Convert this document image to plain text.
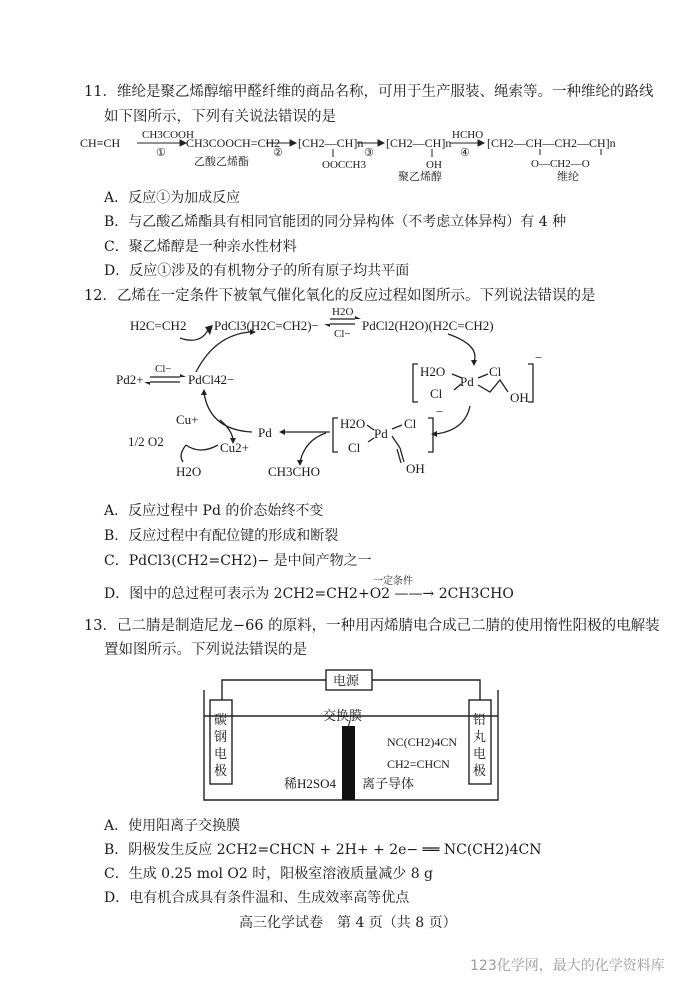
11．维纶是聚乙烯醇缩甲醛纤维的商品名称，可用于生产服装、绳索等。一种维纶的路线
如下图所示，下列有关说法错误的是
CH≡CH
CH3COOH
①
CH3COOCH=CH2
乙酸乙烯酯
②
[CH2—CH]n
OOCCH3
③
[CH2—CH]n
OH
聚乙烯醇
HCHO
④
[CH2—CH—CH2—CH]n
O—CH2—O
维纶
A．反应①为加成反应
B．与乙酸乙烯酯具有相同官能团的同分异构体（不考虑立体异构）有 4 种
C．聚乙烯醇是一种亲水性材料
D．反应①涉及的有机物分子的所有原子均共平面
12．乙烯在一定条件下被氧气催化氧化的反应过程如图所示。下列说法错误的是
H2C=CH2 PdCl3(H2C=CH2)−
H2O
Cl−
PdCl2(H2O)(H2C=CH2)
Pd2+
Cl−
PdCl42−
Cu+
Cu2+
1/2 O2
H2O
Pd
CH3CHO
H2O
Pd
Cl
Cl	OH
−
H2O
Pd
Cl
Cl
OH
−
A．反应过程中 Pd 的价态始终不变
B．反应过程中有配位键的形成和断裂
C．PdCl3(CH2=CH2)− 是中间产物之一
D．图中的总过程可表示为 2CH2=CH2+O2 ——→ 2CH3CHO
一定条件
13．己二腈是制造尼龙−66 的原料，一种用丙烯腈电合成己二腈的使用惰性阳极的电解装
置如图所示。下列说法错误的是
电源
交换膜
NC(CH2)4CN
CH2=CHCN
稀H2SO4 离子导体
碳钢电极
铅丸电极
A．使用阳离子交换膜
B．阴极发生反应 2CH2=CHCN + 2H+ + 2e− ══ NC(CH2)4CN
C．生成 0.25 mol O2 时，阳极室溶液质量减少 8 g
D．电有机合成具有条件温和、生成效率高等优点
高三化学试卷　第 4 页（共 8 页）
123化学网，最大的化学资料库
